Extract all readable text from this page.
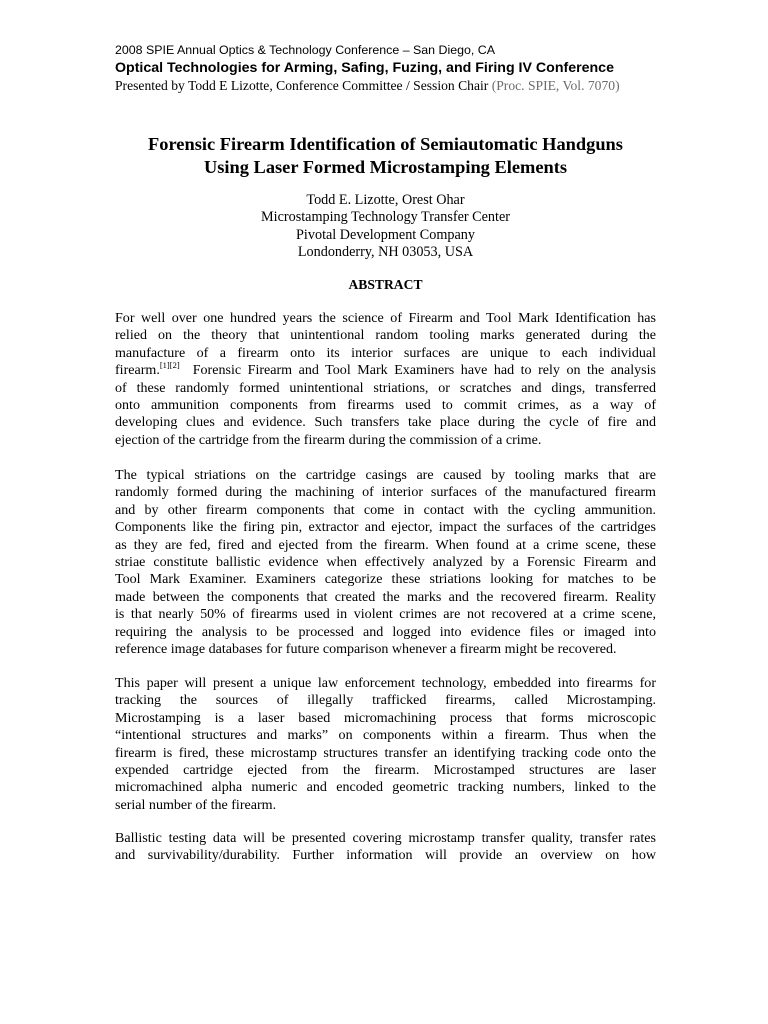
2008 SPIE Annual Optics & Technology Conference – San Diego, CA
Optical Technologies for Arming, Safing, Fuzing, and Firing IV Conference
Presented by Todd E Lizotte, Conference Committee / Session Chair (Proc. SPIE, Vol. 7070)
Forensic Firearm Identification of Semiautomatic Handguns
Using Laser Formed Microstamping Elements
Todd E. Lizotte, Orest Ohar
Microstamping Technology Transfer Center
Pivotal Development Company
Londonderry, NH 03053, USA
ABSTRACT
For well over one hundred years the science of Firearm and Tool Mark Identification has
relied on the theory that unintentional random tooling marks generated during the
manufacture of a firearm onto its interior surfaces are unique to each individual
firearm.[1][2]  Forensic Firearm and Tool Mark Examiners have had to rely on the analysis
of these randomly formed unintentional striations, or scratches and dings, transferred
onto ammunition components from firearms used to commit crimes, as a way of
developing clues and evidence. Such transfers take place during the cycle of fire and
ejection of the cartridge from the firearm during the commission of a crime.
The typical striations on the cartridge casings are caused by tooling marks that are
randomly formed during the machining of interior surfaces of the manufactured firearm
and by other firearm components that come in contact with the cycling ammunition.
Components like the firing pin, extractor and ejector, impact the surfaces of the cartridges
as they are fed, fired and ejected from the firearm. When found at a crime scene, these
striae constitute ballistic evidence when effectively analyzed by a Forensic Firearm and
Tool Mark Examiner. Examiners categorize these striations looking for matches to be
made between the components that created the marks and the recovered firearm. Reality
is that nearly 50% of firearms used in violent crimes are not recovered at a crime scene,
requiring the analysis to be processed and logged into evidence files or imaged into
reference image databases for future comparison whenever a firearm might be recovered.
This paper will present a unique law enforcement technology, embedded into firearms for
tracking the sources of illegally trafficked firearms, called Microstamping.
Microstamping is a laser based micromachining process that forms microscopic
“intentional structures and marks” on components within a firearm. Thus when the
firearm is fired, these microstamp structures transfer an identifying tracking code onto the
expended cartridge ejected from the firearm. Microstamped structures are laser
micromachined alpha numeric and encoded geometric tracking numbers, linked to the
serial number of the firearm.
Ballistic testing data will be presented covering microstamp transfer quality, transfer rates
and survivability/durability. Further information will provide an overview on how
